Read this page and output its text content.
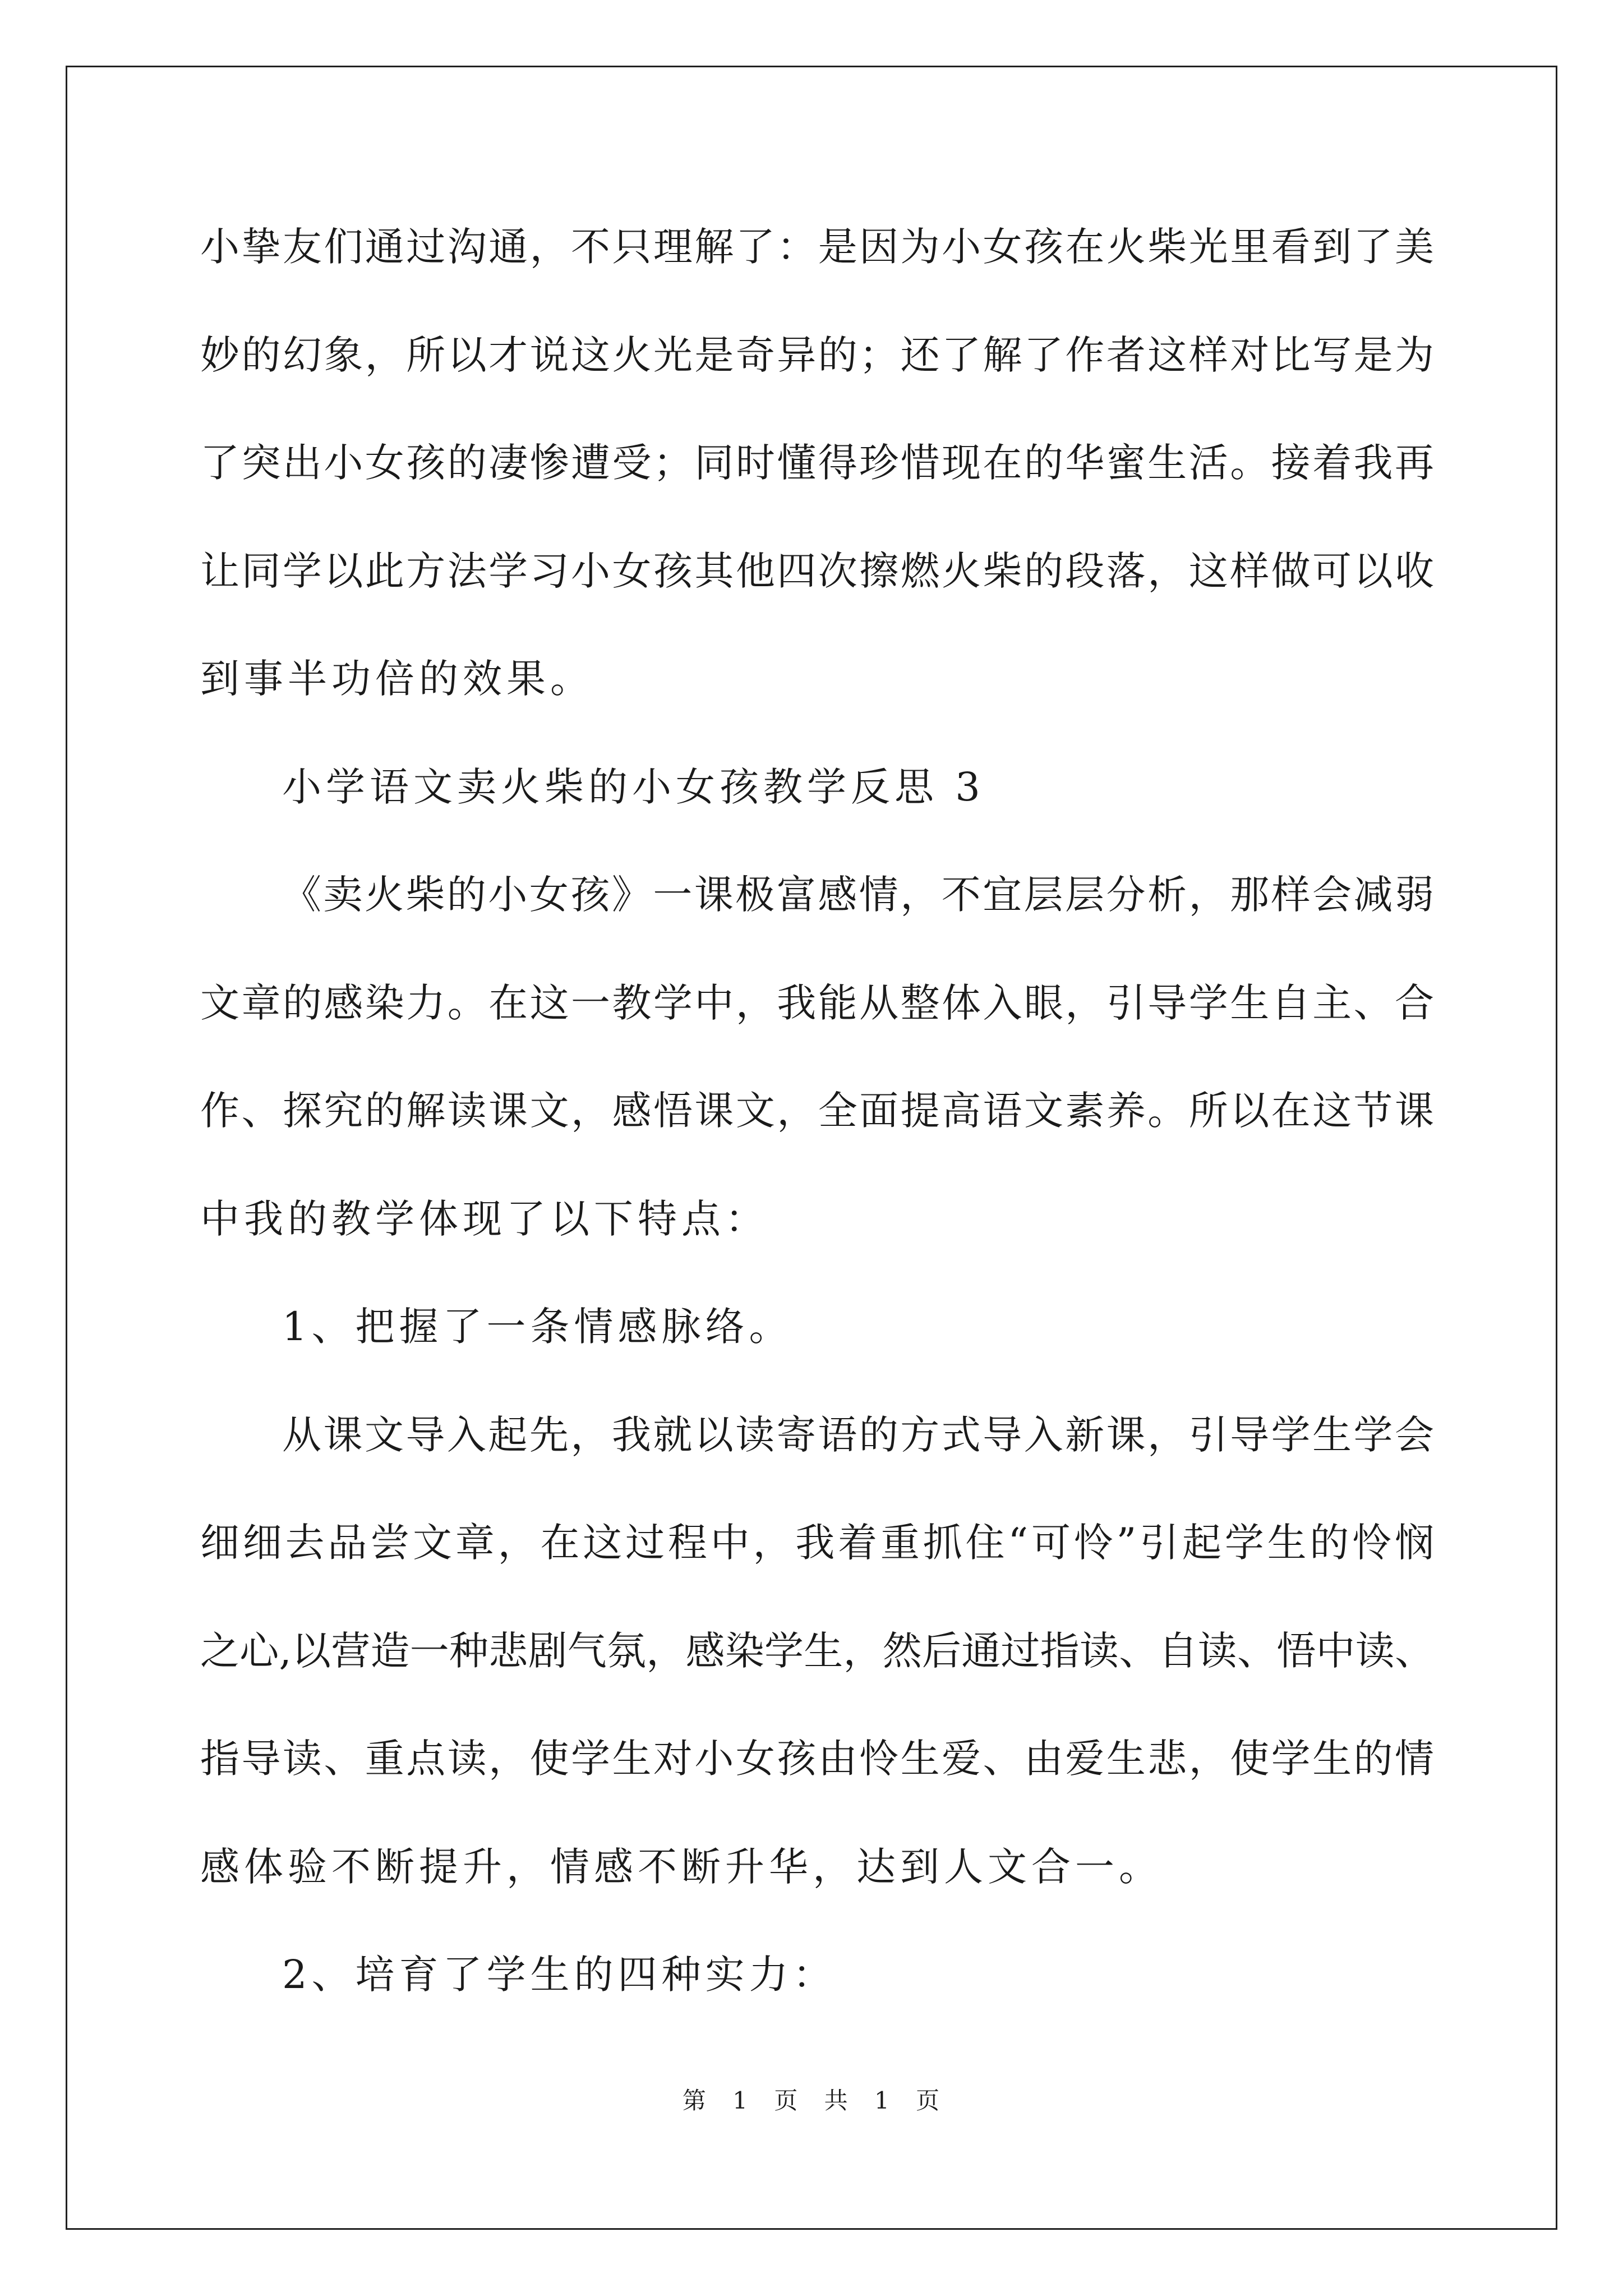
小挚友们通过沟通，不只理解了：是因为小女孩在火柴光里看到了美
妙的幻象，所以才说这火光是奇异的；还了解了作者这样对比写是为
了突出小女孩的凄惨遭受；同时懂得珍惜现在的华蜜生活。接着我再
让同学以此方法学习小女孩其他四次擦燃火柴的段落，这样做可以收
到事半功倍的效果。
小学语文卖火柴的小女孩教学反思 3
《卖火柴的小女孩》一课极富感情，不宜层层分析，那样会减弱
文章的感染力。在这一教学中，我能从整体入眼，引导学生自主、合
作、探究的解读课文，感悟课文，全面提高语文素养。所以在这节课
中我的教学体现了以下特点：
1、把握了一条情感脉络。
从课文导入起先，我就以读寄语的方式导入新课，引导学生学会
细细去品尝文章，在这过程中，我着重抓住“可怜”引起学生的怜悯
之心,以营造一种悲剧气氛，感染学生，然后通过指读、自读、悟中读、
指导读、重点读，使学生对小女孩由怜生爱、由爱生悲，使学生的情
感体验不断提升，情感不断升华，达到人文合一。
2、培育了学生的四种实力：
第 1 页 共 1 页
